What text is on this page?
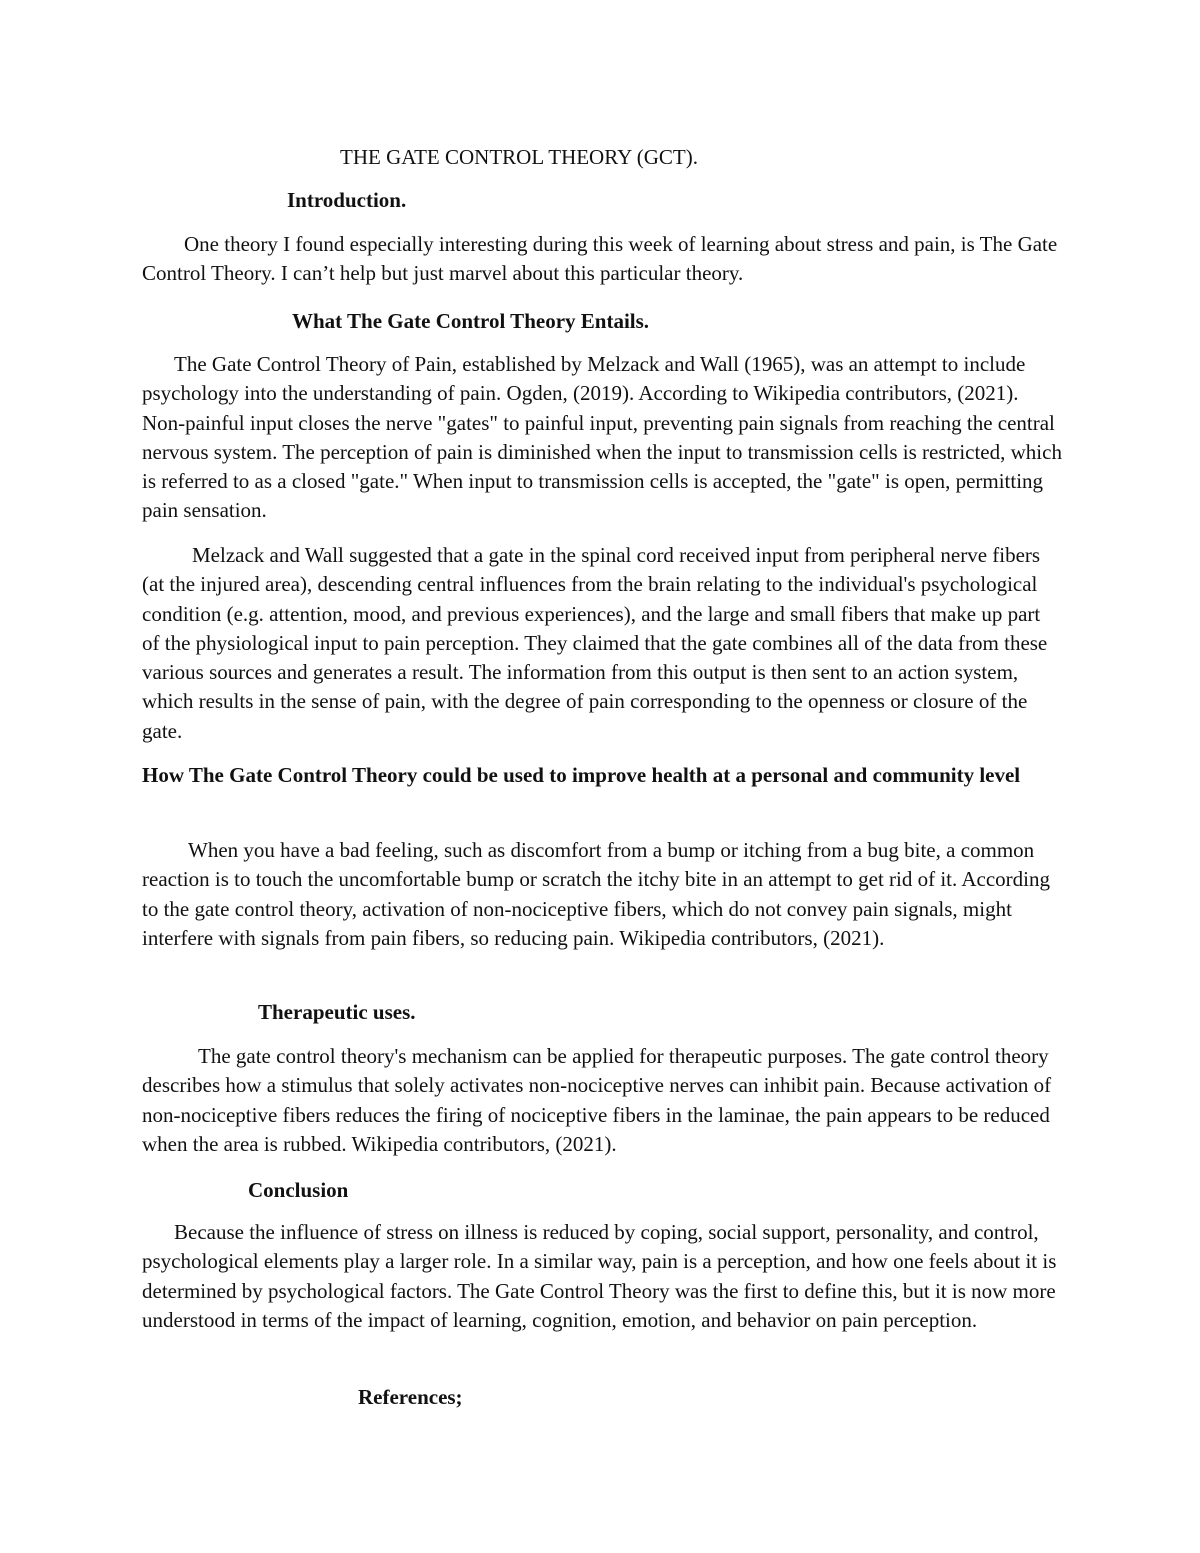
THE GATE CONTROL THEORY (GCT).
Introduction.

One theory I found especially interesting during this week of learning about stress and pain, is The Gate Control Theory. I can’t help but just marvel about this particular theory.

What The Gate Control Theory Entails.

The Gate Control Theory of Pain, established by Melzack and Wall (1965), was an attempt to include psychology into the understanding of pain. Ogden, (2019). According to Wikipedia contributors, (2021). Non-painful input closes the nerve "gates" to painful input, preventing pain signals from reaching the central nervous system. The perception of pain is diminished when the input to transmission cells is restricted, which is referred to as a closed "gate." When input to transmission cells is accepted, the "gate" is open, permitting pain sensation.

Melzack and Wall suggested that a gate in the spinal cord received input from peripheral nerve fibers (at the injured area), descending central influences from the brain relating to the individual's psychological condition (e.g. attention, mood, and previous experiences), and the large and small fibers that make up part of the physiological input to pain perception. They claimed that the gate combines all of the data from these various sources and generates a result. The information from this output is then sent to an action system, which results in the sense of pain, with the degree of pain corresponding to the openness or closure of the gate.

How The Gate Control Theory could be used to improve health at a personal and community level

When you have a bad feeling, such as discomfort from a bump or itching from a bug bite, a common reaction is to touch the uncomfortable bump or scratch the itchy bite in an attempt to get rid of it. According to the gate control theory, activation of non-nociceptive fibers, which do not convey pain signals, might interfere with signals from pain fibers, so reducing pain. Wikipedia contributors, (2021).

Therapeutic uses.

The gate control theory's mechanism can be applied for therapeutic purposes. The gate control theory describes how a stimulus that solely activates non-nociceptive nerves can inhibit pain. Because activation of non-nociceptive fibers reduces the firing of nociceptive fibers in the laminae, the pain appears to be reduced when the area is rubbed. Wikipedia contributors, (2021).

Conclusion

Because the influence of stress on illness is reduced by coping, social support, personality, and control, psychological elements play a larger role. In a similar way, pain is a perception, and how one feels about it is determined by psychological factors. The Gate Control Theory was the first to define this, but it is now more understood in terms of the impact of learning, cognition, emotion, and behavior on pain perception.

References;
